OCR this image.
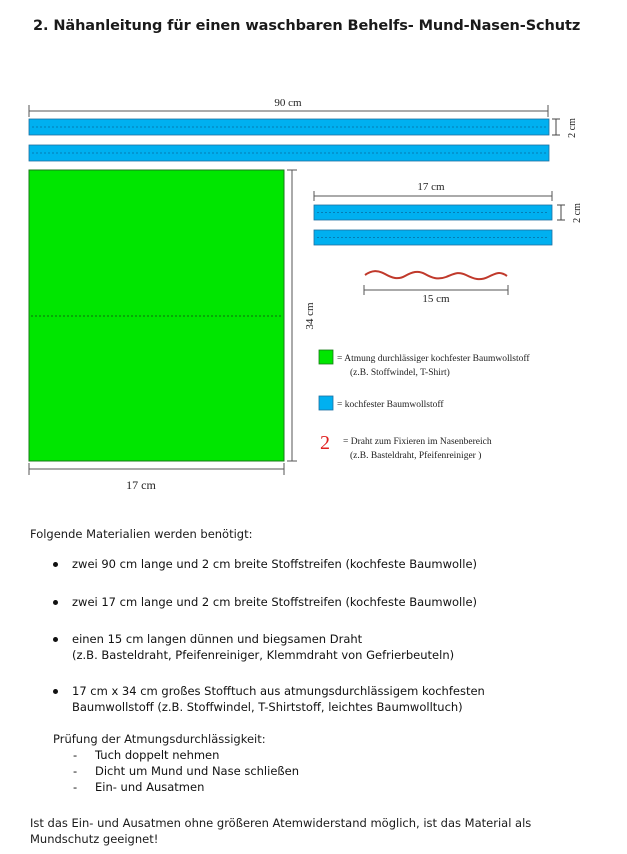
2. Nähanleitung für einen waschbaren Behelfs- Mund-Nasen-Schutz
90 cm
2 cm
34 cm
17 cm
17 cm
2 cm
15 cm
= Atmung durchlässiger kochfester Baumwollstoff
(z.B. Stoffwindel, T-Shirt)
= kochfester Baumwollstoff
2 = Draht zum Fixieren im Nasenbereich
(z.B. Basteldraht, Pfeifenreiniger )
Folgende Materialien werden benötigt:
zwei 90 cm lange und 2 cm breite Stoffstreifen (kochfeste Baumwolle)
zwei 17 cm lange und 2 cm breite Stoffstreifen (kochfeste Baumwolle)
einen 15 cm langen dünnen und biegsamen Draht
(z.B. Basteldraht, Pfeifenreiniger, Klemmdraht von Gefrierbeuteln)
17 cm x 34 cm großes Stofftuch aus atmungsdurchlässigem kochfesten
Baumwollstoff (z.B. Stoffwindel, T-Shirtstoff, leichtes Baumwolltuch)
Prüfung der Atmungsdurchlässigkeit:
- Tuch doppelt nehmen
- Dicht um Mund und Nase schließen
- Ein- und Ausatmen
Ist das Ein- und Ausatmen ohne größeren Atemwiderstand möglich, ist das Material als
Mundschutz geeignet!
